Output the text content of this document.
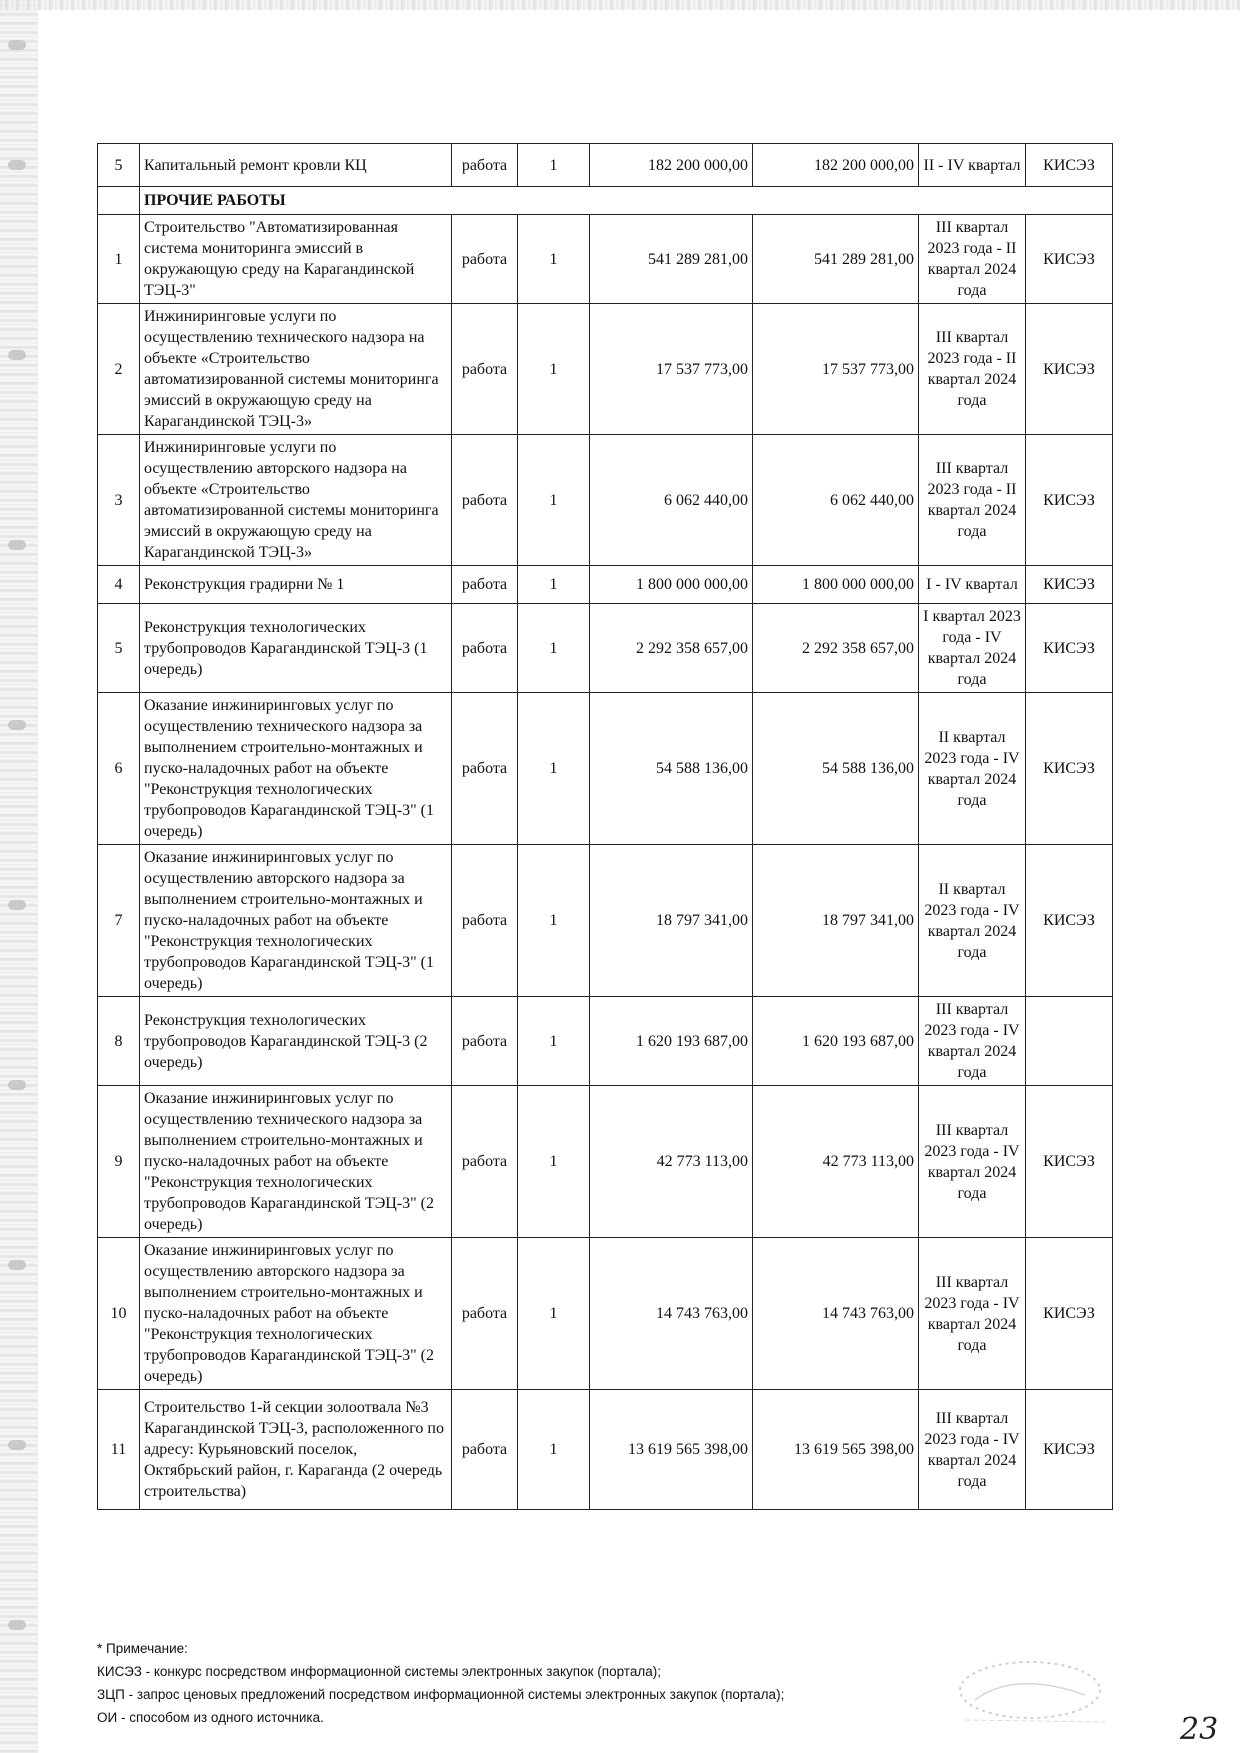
5	Капитальный ремонт кровли КЦ	работа	1	182 200 000,00	182 200 000,00	II - IV квартал	КИСЭЗ
	ПРОЧИЕ РАБОТЫ						
1	Строительство "Автоматизированная система мониторинга эмиссий в окружающую среду на Карагандинской ТЭЦ-3"	работа	1	541 289 281,00	541 289 281,00	III квартал 2023 года - II квартал 2024 года	КИСЭЗ
2	Инжиниринговые услуги по осуществлению технического надзора на объекте «Строительство автоматизированной системы мониторинга эмиссий в окружающую среду на Карагандинской ТЭЦ-3»	работа	1	17 537 773,00	17 537 773,00	III квартал 2023 года - II квартал 2024 года	КИСЭЗ
3	Инжиниринговые услуги по осуществлению авторского надзора на объекте «Строительство автоматизированной системы мониторинга эмиссий в окружающую среду на Карагандинской ТЭЦ-3»	работа	1	6 062 440,00	6 062 440,00	III квартал 2023 года - II квартал 2024 года	КИСЭЗ
4	Реконструкция градирни № 1	работа	1	1 800 000 000,00	1 800 000 000,00	I - IV квартал	КИСЭЗ
5	Реконструкция технологических трубопроводов Карагандинской ТЭЦ-3 (1 очередь)	работа	1	2 292 358 657,00	2 292 358 657,00	I квартал 2023 года - IV квартал 2024 года	КИСЭЗ
6	Оказание инжиниринговых услуг по осуществлению технического надзора за выполнением строительно-монтажных и пуско-наладочных работ на объекте "Реконструкция технологических трубопроводов Карагандинской ТЭЦ-3" (1 очередь)	работа	1	54 588 136,00	54 588 136,00	II квартал 2023 года - IV квартал 2024 года	КИСЭЗ
7	Оказание инжиниринговых услуг по осуществлению авторского надзора за выполнением строительно-монтажных и пуско-наладочных работ на объекте "Реконструкция технологических трубопроводов Карагандинской ТЭЦ-3" (1 очередь)	работа	1	18 797 341,00	18 797 341,00	II квартал 2023 года - IV квартал 2024 года	КИСЭЗ
8	Реконструкция технологических трубопроводов Карагандинской ТЭЦ-3 (2 очередь)	работа	1	1 620 193 687,00	1 620 193 687,00	III квартал 2023 года - IV квартал 2024 года	
9	Оказание инжиниринговых услуг по осуществлению технического надзора за выполнением строительно-монтажных и пуско-наладочных работ на объекте "Реконструкция технологических трубопроводов Карагандинской ТЭЦ-3" (2 очередь)	работа	1	42 773 113,00	42 773 113,00	III квартал 2023 года - IV квартал 2024 года	КИСЭЗ
10	Оказание инжиниринговых услуг по осуществлению авторского надзора за выполнением строительно-монтажных и пуско-наладочных работ на объекте "Реконструкция технологических трубопроводов Карагандинской ТЭЦ-3" (2 очередь)	работа	1	14 743 763,00	14 743 763,00	III квартал 2023 года - IV квартал 2024 года	КИСЭЗ
11	Строительство 1-й секции золоотвала №3 Карагандинской ТЭЦ-3, расположенного по адресу: Курьяновский поселок, Октябрьский район, г. Караганда (2 очередь строительства)	работа	1	13 619 565 398,00	13 619 565 398,00	III квартал 2023 года - IV квартал 2024 года	КИСЭЗ
* Примечание:
КИСЭЗ - конкурс посредством информационной системы электронных закупок (портала);
ЗЦП - запрос ценовых предложений посредством информационной системы электронных закупок (портала);
ОИ - способом из одного источника.	23
